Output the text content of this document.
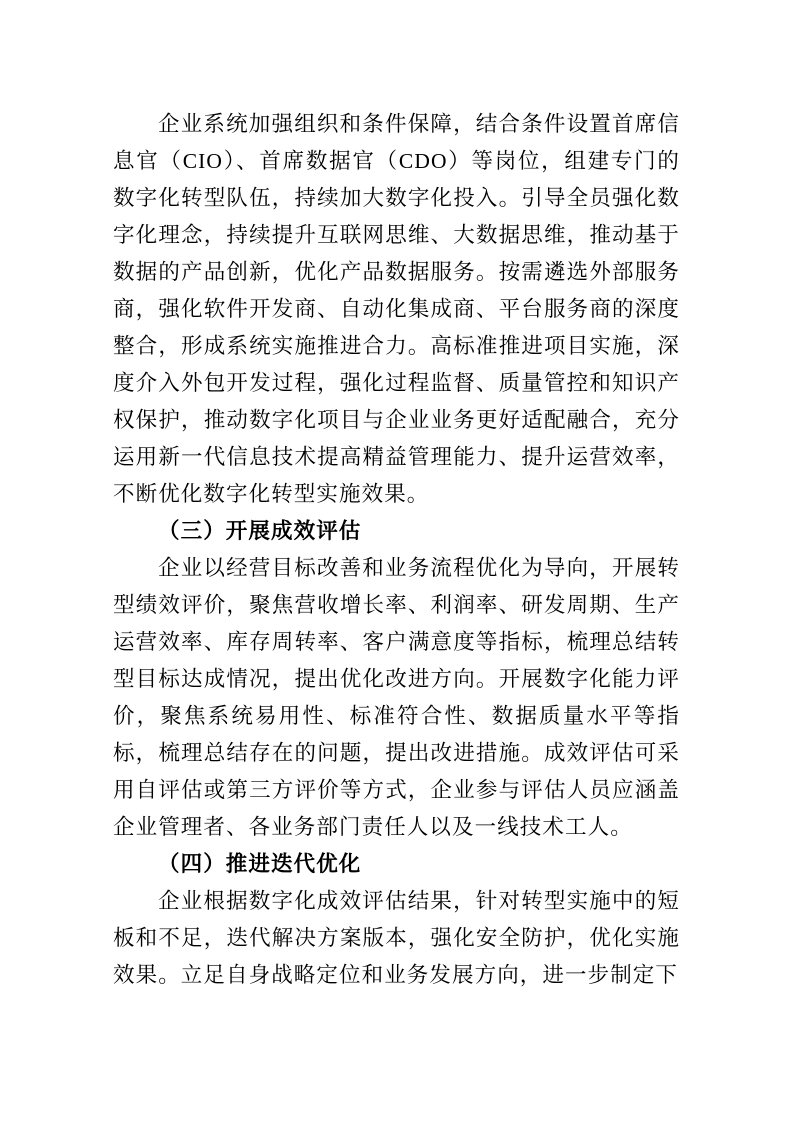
企业系统加强组织和条件保障，结合条件设置首席信息官（CIO）、首席数据官（CDO）等岗位，组建专门的数字化转型队伍，持续加大数字化投入。引导全员强化数字化理念，持续提升互联网思维、大数据思维，推动基于数据的产品创新，优化产品数据服务。按需遴选外部服务商，强化软件开发商、自动化集成商、平台服务商的深度整合，形成系统实施推进合力。高标准推进项目实施，深度介入外包开发过程，强化过程监督、质量管控和知识产权保护，推动数字化项目与企业业务更好适配融合，充分运用新一代信息技术提高精益管理能力、提升运营效率，不断优化数字化转型实施效果。

（三）开展成效评估

企业以经营目标改善和业务流程优化为导向，开展转型绩效评价，聚焦营收增长率、利润率、研发周期、生产运营效率、库存周转率、客户满意度等指标，梳理总结转型目标达成情况，提出优化改进方向。开展数字化能力评价，聚焦系统易用性、标准符合性、数据质量水平等指标，梳理总结存在的问题，提出改进措施。成效评估可采用自评估或第三方评价等方式，企业参与评估人员应涵盖企业管理者、各业务部门责任人以及一线技术工人。

（四）推进迭代优化

企业根据数字化成效评估结果，针对转型实施中的短板和不足，迭代解决方案版本，强化安全防护，优化实施效果。立足自身战略定位和业务发展方向，进一步制定下
